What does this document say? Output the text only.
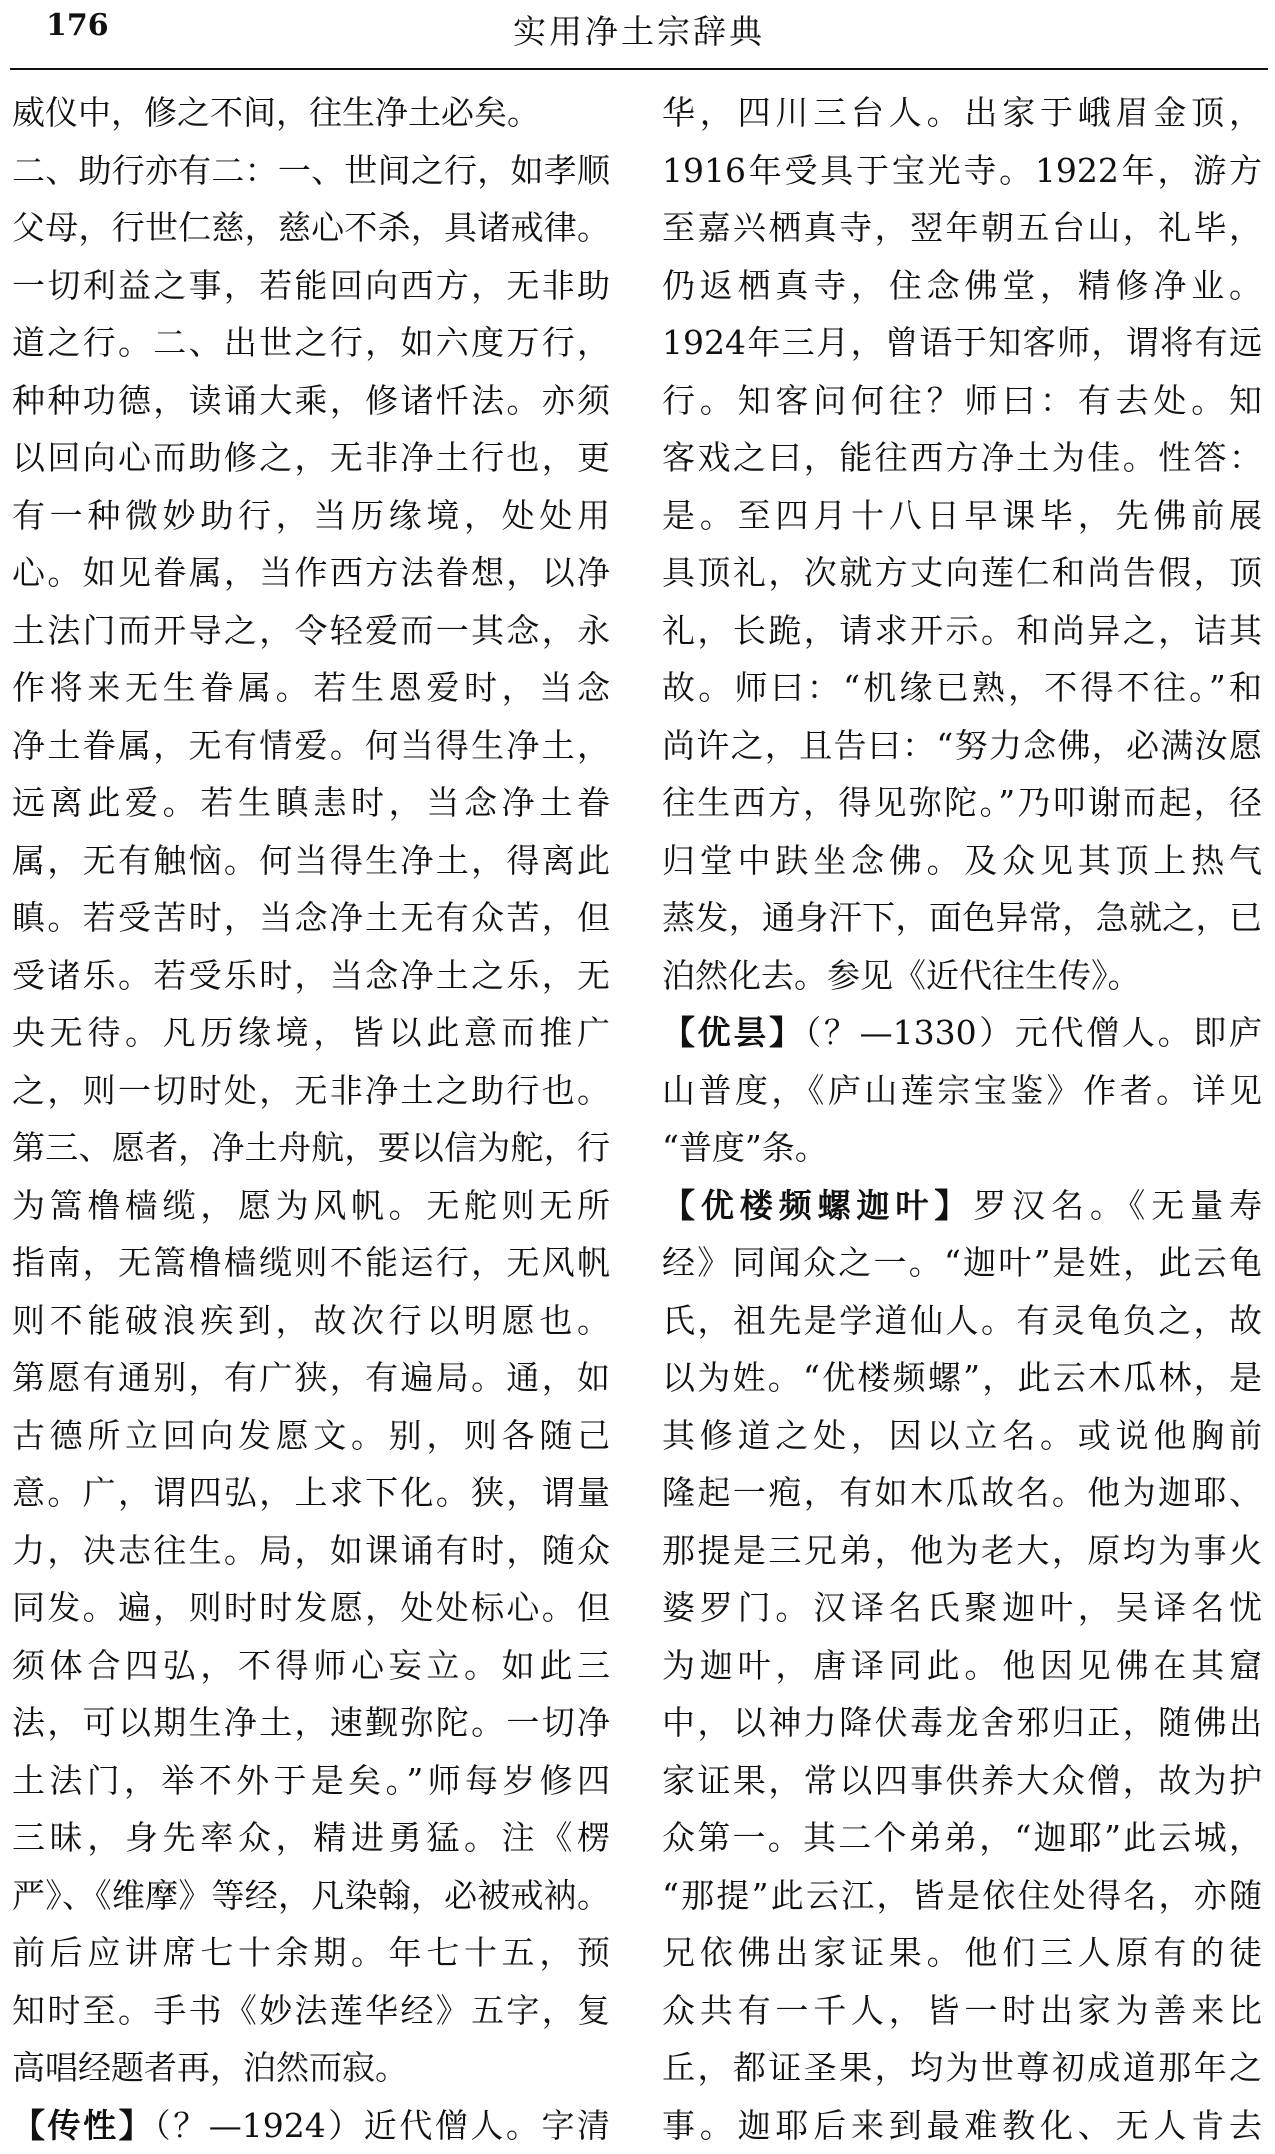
176	实用净土宗辞典
威仪中，修之不间，往生净土必矣。
二、助行亦有二：一、世间之行，如孝顺
父母，行世仁慈，慈心不杀，具诸戒律。
一切利益之事，若能回向西方，无非助
道之行。二、出世之行，如六度万行，
种种功德，读诵大乘，修诸忏法。亦须
以回向心而助修之，无非净土行也，更
有一种微妙助行，当历缘境，处处用
心。如见眷属，当作西方法眷想，以净
土法门而开导之，令轻爱而一其念，永
作将来无生眷属。若生恩爱时，当念
净土眷属，无有情爱。何当得生净土，
远离此爱。若生瞋恚时，当念净土眷
属，无有触恼。何当得生净土，得离此
瞋。若受苦时，当念净土无有众苦，但
受诸乐。若受乐时，当念净土之乐，无
央无待。凡历缘境，皆以此意而推广
之，则一切时处，无非净土之助行也。
第三、愿者，净土舟航，要以信为舵，行
为篙橹樯缆，愿为风帆。无舵则无所
指南，无篙橹樯缆则不能运行，无风帆
则不能破浪疾到，故次行以明愿也。
第愿有通别，有广狭，有遍局。通，如
古德所立回向发愿文。别，则各随己
意。广，谓四弘，上求下化。狭，谓量
力，决志往生。局，如课诵有时，随众
同发。遍，则时时发愿，处处标心。但
须体合四弘，不得师心妄立。如此三
法，可以期生净土，速觐弥陀。一切净
土法门，举不外于是矣。”师每岁修四
三昧，身先率众，精进勇猛。注《楞
严》、《维摩》等经，凡染翰，必被戒衲。
前后应讲席七十余期。年七十五，预
知时至。手书《妙法莲华经》五字，复
高唱经题者再，泊然而寂。
【传性】（？—1924）近代僧人。字清
华，四川三台人。出家于峨眉金顶，
1916年受具于宝光寺。1922年，游方
至嘉兴栖真寺，翌年朝五台山，礼毕，
仍返栖真寺，住念佛堂，精修净业。
1924年三月，曾语于知客师，谓将有远
行。知客问何往？师曰：有去处。知
客戏之曰，能往西方净土为佳。性答：
是。至四月十八日早课毕，先佛前展
具顶礼，次就方丈向莲仁和尚告假，顶
礼，长跪，请求开示。和尚异之，诘其
故。师曰：“机缘已熟，不得不往。”和
尚许之，且告曰：“努力念佛，必满汝愿
往生西方，得见弥陀。”乃叩谢而起，径
归堂中趺坐念佛。及众见其顶上热气
蒸发，通身汗下，面色异常，急就之，已
泊然化去。参见《近代往生传》。
【优昙】（？—1330）元代僧人。即庐
山普度，《庐山莲宗宝鉴》作者。详见
“普度”条。
【优楼频螺迦叶】罗汉名。《无量寿
经》同闻众之一。“迦叶”是姓，此云龟
氏，祖先是学道仙人。有灵龟负之，故
以为姓。“优楼频螺”，此云木瓜林，是
其修道之处，因以立名。或说他胸前
隆起一疱，有如木瓜故名。他为迦耶、
那提是三兄弟，他为老大，原均为事火
婆罗门。汉译名氏聚迦叶，吴译名忧
为迦叶，唐译同此。他因见佛在其窟
中，以神力降伏毒龙舍邪归正，随佛出
家证果，常以四事供养大众僧，故为护
众第一。其二个弟弟，“迦耶”此云城，
“那提”此云江，皆是依住处得名，亦随
兄依佛出家证果。他们三人原有的徒
众共有一千人，皆一时出家为善来比
丘，都证圣果，均为世尊初成道那年之
事。迦耶后来到最难教化、无人肯去
